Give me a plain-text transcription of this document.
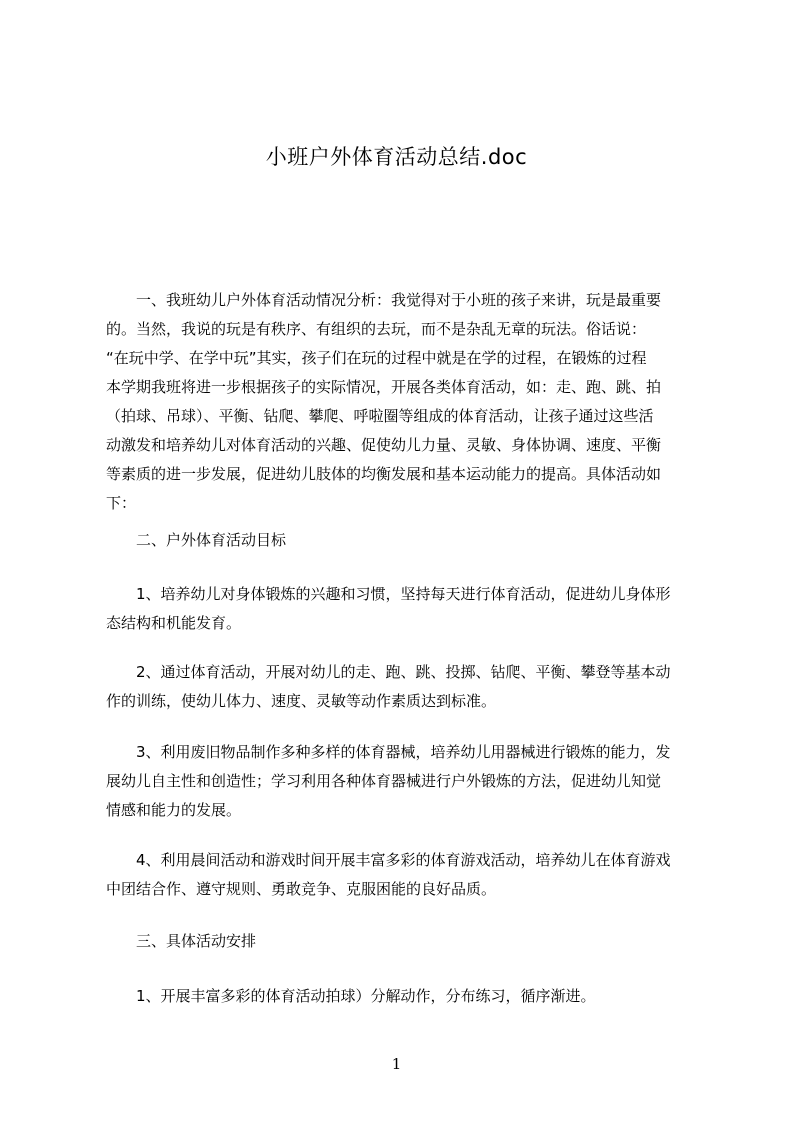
小班户外体育活动总结.doc
　　一、我班幼儿户外体育活动情况分析：我觉得对于小班的孩子来讲，玩是最重要
的。当然，我说的玩是有秩序、有组织的去玩，而不是杂乱无章的玩法。俗话说：
“在玩中学、在学中玩”其实，孩子们在玩的过程中就是在学的过程，在锻炼的过程
本学期我班将进一步根据孩子的实际情况，开展各类体育活动，如：走、跑、跳、拍
（拍球、吊球）、平衡、钻爬、攀爬、呼啦圈等组成的体育活动，让孩子通过这些活
动激发和培养幼儿对体育活动的兴趣、促使幼儿力量、灵敏、身体协调、速度、平衡
等素质的进一步发展，促进幼儿肢体的均衡发展和基本运动能力的提高。具体活动如
下：
　　二、户外体育活动目标
　　1、培养幼儿对身体锻炼的兴趣和习惯，坚持每天进行体育活动，促进幼儿身体形
态结构和机能发育。
　　2、通过体育活动，开展对幼儿的走、跑、跳、投掷、钻爬、平衡、攀登等基本动
作的训练，使幼儿体力、速度、灵敏等动作素质达到标准。
　　3、利用废旧物品制作多种多样的体育器械，培养幼儿用器械进行锻炼的能力，发
展幼儿自主性和创造性；学习利用各种体育器械进行户外锻炼的方法，促进幼儿知觉
情感和能力的发展。
　　4、利用晨间活动和游戏时间开展丰富多彩的体育游戏活动，培养幼儿在体育游戏
中团结合作、遵守规则、勇敢竞争、克服困能的良好品质。
　　三、具体活动安排
　　1、开展丰富多彩的体育活动拍球）分解动作，分布练习，循序渐进。
1
